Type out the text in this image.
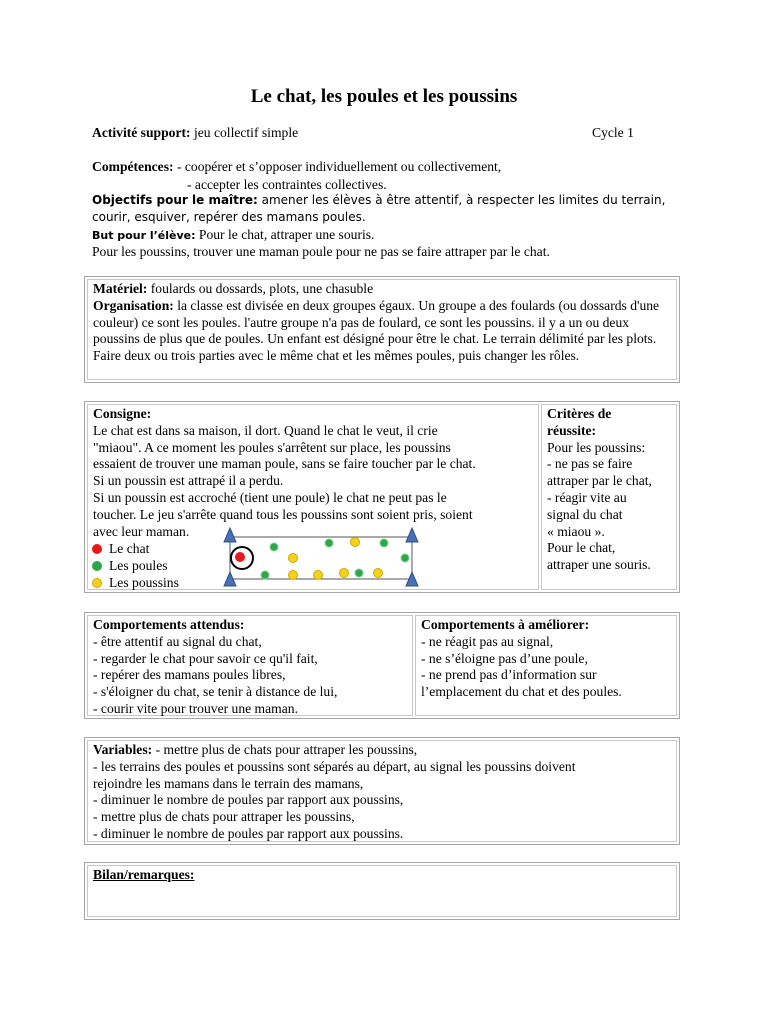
Le chat, les poules et les poussins
Activité support: jeu collectif simple	Cycle 1
Compétences: - coopérer et s’opposer individuellement ou collectivement,
- accepter les contraintes collectives.
Objectifs pour le maître: amener les élèves à être attentif, à respecter les limites du terrain,
courir, esquiver, repérer des mamans poules.
But pour l’élève: Pour le chat, attraper une souris.
Pour les poussins, trouver une maman poule pour ne pas se faire attraper par le chat.

Matériel: foulards ou dossards, plots, une chasuble

Organisation: la classe est divisée en deux groupes égaux. Un groupe a des foulards (ou dossards d'une couleur) ce sont les poules. l'autre groupe n'a pas de foulard, ce sont les poussins. il y a un ou deux poussins de plus que de poules. Un enfant est désigné pour être le chat. Le terrain délimité par les plots.

Faire deux ou trois parties avec le même chat et les mêmes poules, puis changer les rôles.

Consigne:
Le chat est dans sa maison, il dort. Quand le chat le veut, il crie
"miaou". A ce moment les poules s'arrêtent sur place, les poussins
essaient de trouver une maman poule, sans se faire toucher par le chat.
Si un poussin est attrapé il a perdu.
Si un poussin est accroché (tient une poule) le chat ne peut pas le
toucher. Le jeu s'arrête quand tous les poussins sont soient pris, soient
avec leur maman.
Critères de
réussite:
Pour les poussins:
- ne pas se faire
attraper par le chat,
- réagir vite au
signal du chat
« miaou ».
Pour le chat,
attraper une souris.
Le chat
Les poules
Les poussins
Comportements attendus:
- être attentif au signal du chat,
- regarder le chat pour savoir ce qu'il fait,
- repérer des mamans poules libres,
- s'éloigner du chat, se tenir à distance de lui,
- courir vite pour trouver une maman.
Comportements à améliorer:
- ne réagit pas au signal,
- ne s’éloigne pas d’une poule,
- ne prend pas d’information sur
l’emplacement du chat et des poules.
Variables: - mettre plus de chats pour attraper les poussins,
- les terrains des poules et poussins sont séparés au départ, au signal les poussins doivent
rejoindre les mamans dans le terrain des mamans,
- diminuer le nombre de poules par rapport aux poussins,
- mettre plus de chats pour attraper les poussins,
- diminuer le nombre de poules par rapport aux poussins.
Bilan/remarques:
